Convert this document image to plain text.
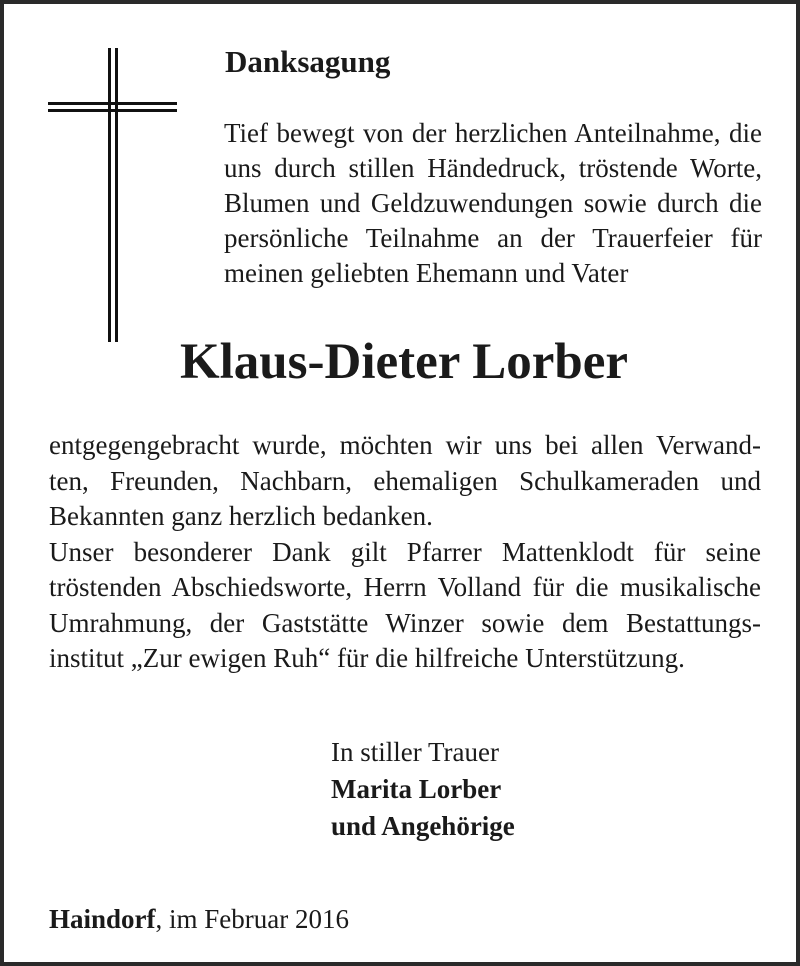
Danksagung
Tief bewegt von der herzlichen Anteilnahme, die
uns durch stillen Händedruck, tröstende Worte,
Blumen und Geldzuwendungen sowie durch die
persönliche Teilnahme an der Trauerfeier für
meinen geliebten Ehemann und Vater
Klaus-Dieter Lorber
entgegengebracht wurde, möchten wir uns bei allen Verwand-
ten, Freunden, Nachbarn, ehemaligen Schulkameraden und
Bekannten ganz herzlich bedanken.
Unser besonderer Dank gilt Pfarrer Mattenklodt für seine
tröstenden Abschiedsworte, Herrn Volland für die musikalische
Umrahmung, der Gaststätte Winzer sowie dem Bestattungs-
institut „Zur ewigen Ruh“ für die hilfreiche Unterstützung.
In stiller Trauer
Marita Lorber
und Angehörige
Haindorf, im Februar 2016
